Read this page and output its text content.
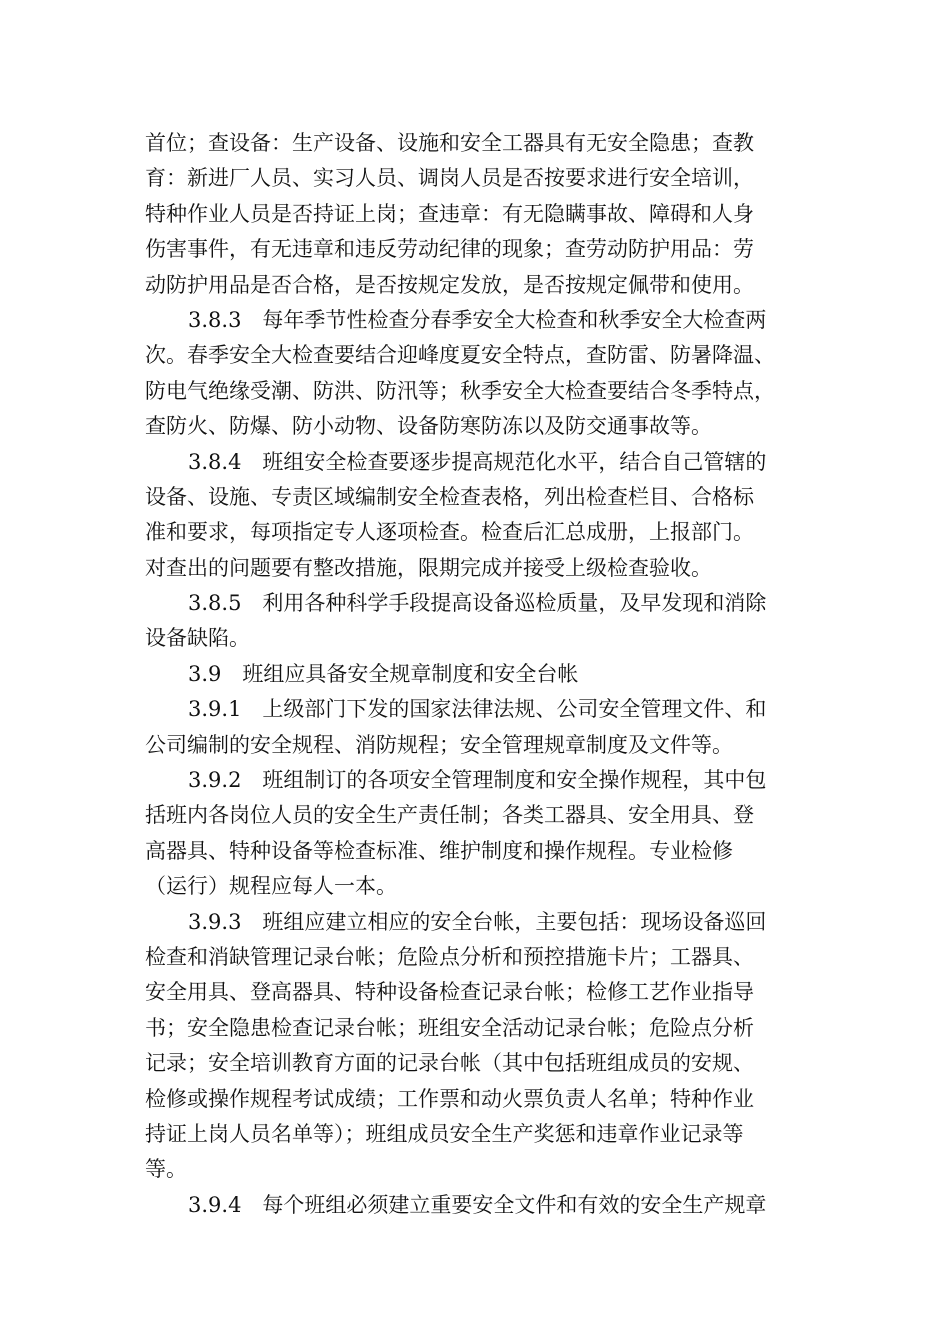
首位；查设备：生产设备、设施和安全工器具有无安全隐患；查教
育：新进厂人员、实习人员、调岗人员是否按要求进行安全培训，
特种作业人员是否持证上岗；查违章：有无隐瞒事故、障碍和人身
伤害事件，有无违章和违反劳动纪律的现象；查劳动防护用品：劳
动防护用品是否合格，是否按规定发放，是否按规定佩带和使用。
3.8.3　每年季节性检查分春季安全大检查和秋季安全大检查两
次。春季安全大检查要结合迎峰度夏安全特点，查防雷、防暑降温、
防电气绝缘受潮、防洪、防汛等；秋季安全大检查要结合冬季特点，
查防火、防爆、防小动物、设备防寒防冻以及防交通事故等。
3.8.4　班组安全检查要逐步提高规范化水平，结合自己管辖的
设备、设施、专责区域编制安全检查表格，列出检查栏目、合格标
准和要求，每项指定专人逐项检查。检查后汇总成册，上报部门。
对查出的问题要有整改措施，限期完成并接受上级检查验收。
3.8.5　利用各种科学手段提高设备巡检质量，及早发现和消除
设备缺陷。
3.9　班组应具备安全规章制度和安全台帐
3.9.1　上级部门下发的国家法律法规、公司安全管理文件、和
公司编制的安全规程、消防规程；安全管理规章制度及文件等。
3.9.2　班组制订的各项安全管理制度和安全操作规程，其中包
括班内各岗位人员的安全生产责任制；各类工器具、安全用具、登
高器具、特种设备等检查标准、维护制度和操作规程。专业检修
（运行）规程应每人一本。
3.9.3　班组应建立相应的安全台帐，主要包括：现场设备巡回
检查和消缺管理记录台帐；危险点分析和预控措施卡片；工器具、
安全用具、登高器具、特种设备检查记录台帐；检修工艺作业指导
书；安全隐患检查记录台帐；班组安全活动记录台帐；危险点分析
记录；安全培训教育方面的记录台帐（其中包括班组成员的安规、
检修或操作规程考试成绩；工作票和动火票负责人名单；特种作业
持证上岗人员名单等）；班组成员安全生产奖惩和违章作业记录等
等。
3.9.4　每个班组必须建立重要安全文件和有效的安全生产规章
